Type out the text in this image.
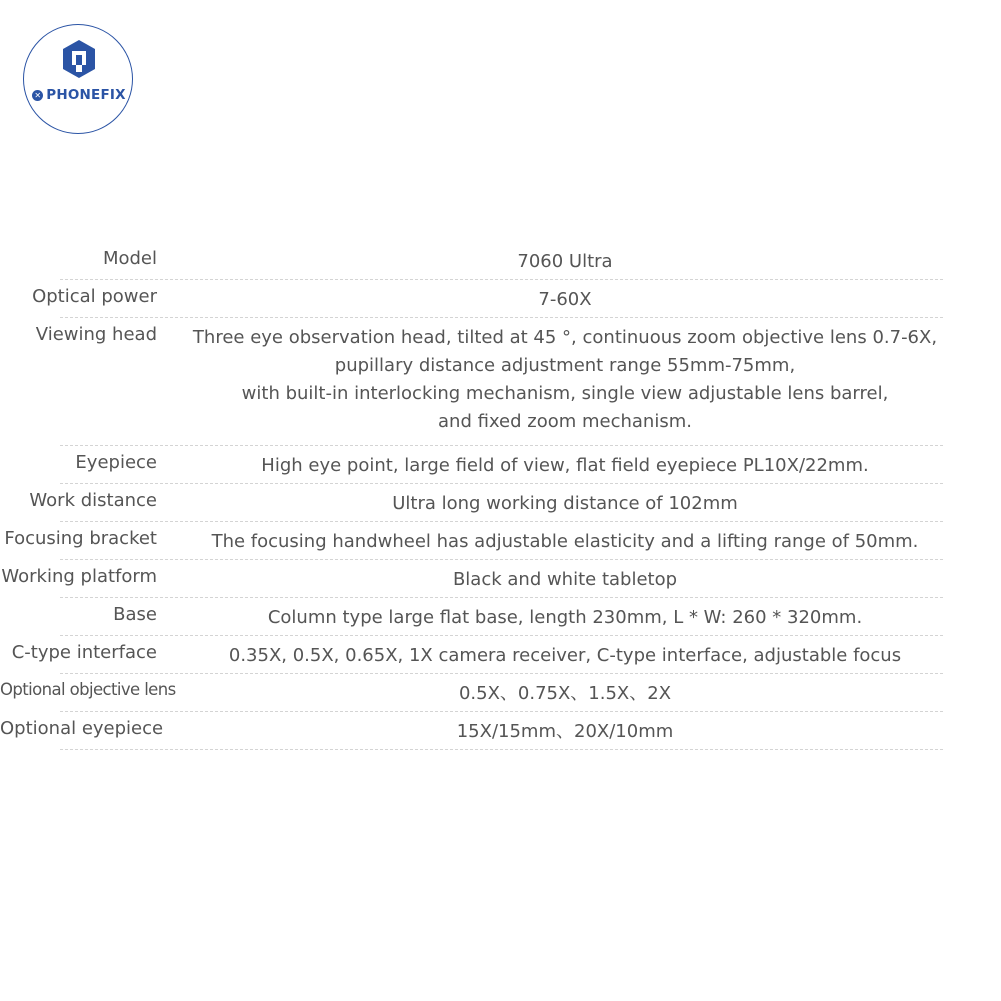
✕ PHONEFIX
Model	7060 Ultra
Optical power	7-60X
Viewing head	Three eye observation head, tilted at 45 °, continuous zoom objective lens 0.7-6X,
pupillary distance adjustment range 55mm-75mm,
with built-in interlocking mechanism, single view adjustable lens barrel,
and fixed zoom mechanism.
Eyepiece	High eye point, large field of view, flat field eyepiece PL10X/22mm.
Work distance	Ultra long working distance of 102mm
Focusing bracket	The focusing handwheel has adjustable elasticity and a lifting range of 50mm.
Working platform	Black and white tabletop
Base	Column type large flat base, length 230mm, L * W: 260 * 320mm.
C-type interface	0.35X, 0.5X, 0.65X, 1X camera receiver, C-type interface, adjustable focus
Optional objective lens	0.5X、0.75X、1.5X、2X
Optional eyepiece	15X/15mm、20X/10mm
